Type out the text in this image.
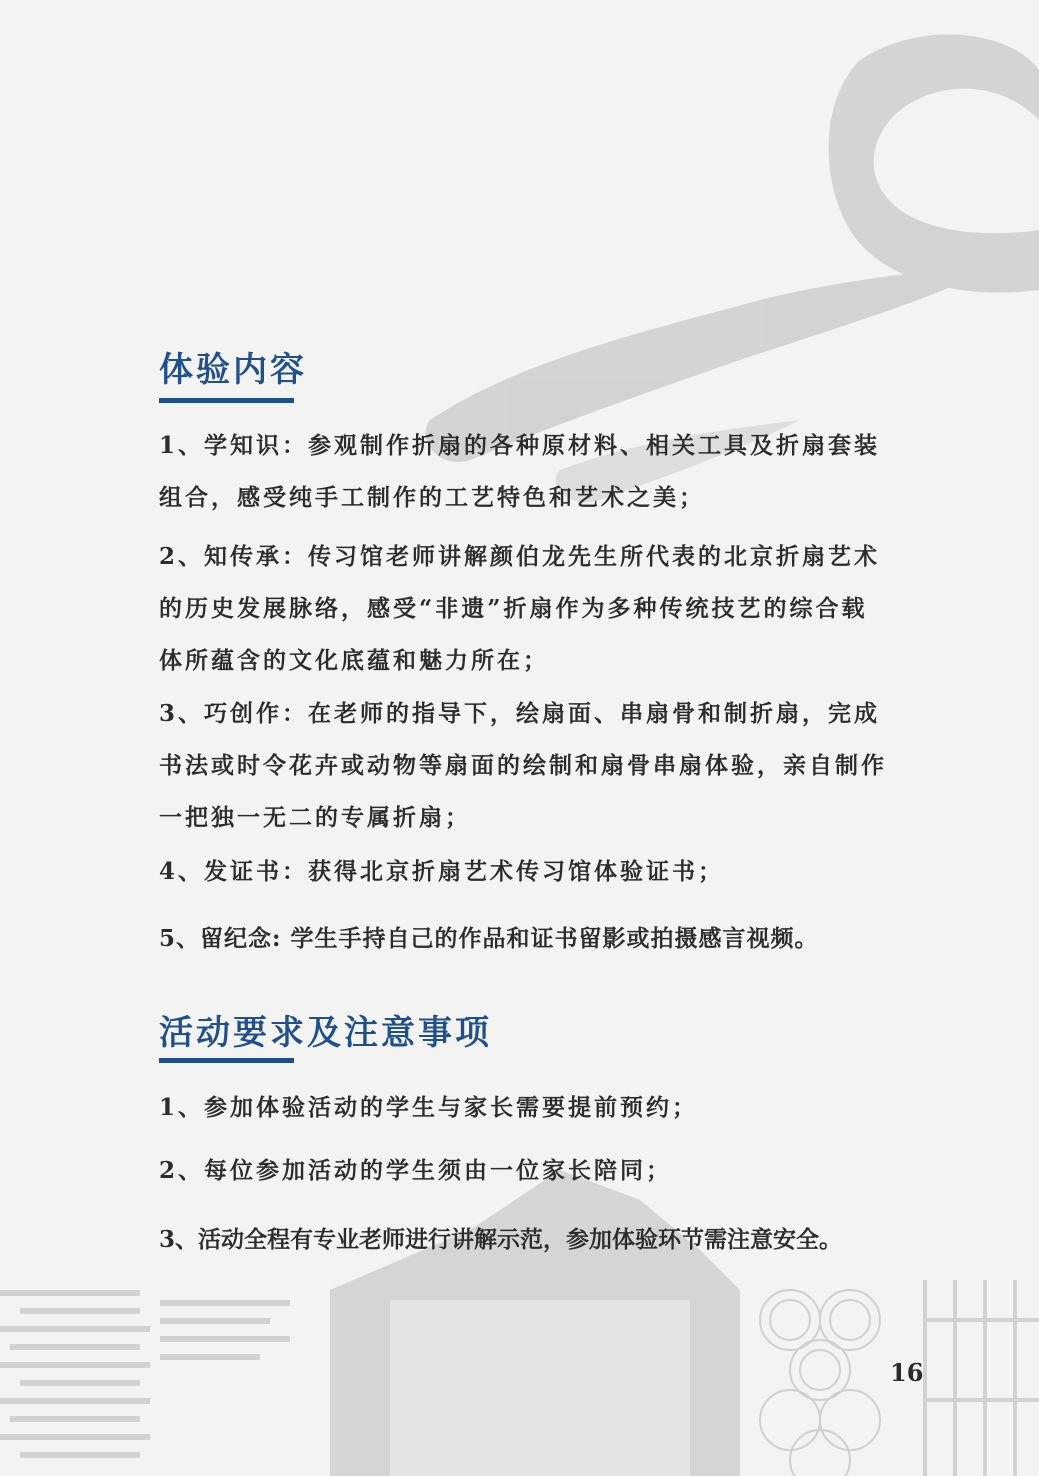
体验内容

1、学知识：参观制作折扇的各种原材料、相关工具及折扇套装组合，感受纯手工制作的工艺特色和艺术之美；

2、知传承：传习馆老师讲解颜伯龙先生所代表的北京折扇艺术的历史发展脉络，感受“非遗”折扇作为多种传统技艺的综合载体所蕴含的文化底蕴和魅力所在；

3、巧创作：在老师的指导下，绘扇面、串扇骨和制折扇，完成书法或时令花卉或动物等扇面的绘制和扇骨串扇体验，亲自制作一把独一无二的专属折扇；

4、发证书：获得北京折扇艺术传习馆体验证书；

5、留纪念: 学生手持自己的作品和证书留影或拍摄感言视频。

活动要求及注意事项

1、参加体验活动的学生与家长需要提前预约；

2、每位参加活动的学生须由一位家长陪同；

3、活动全程有专业老师进行讲解示范，参加体验环节需注意安全。

16
